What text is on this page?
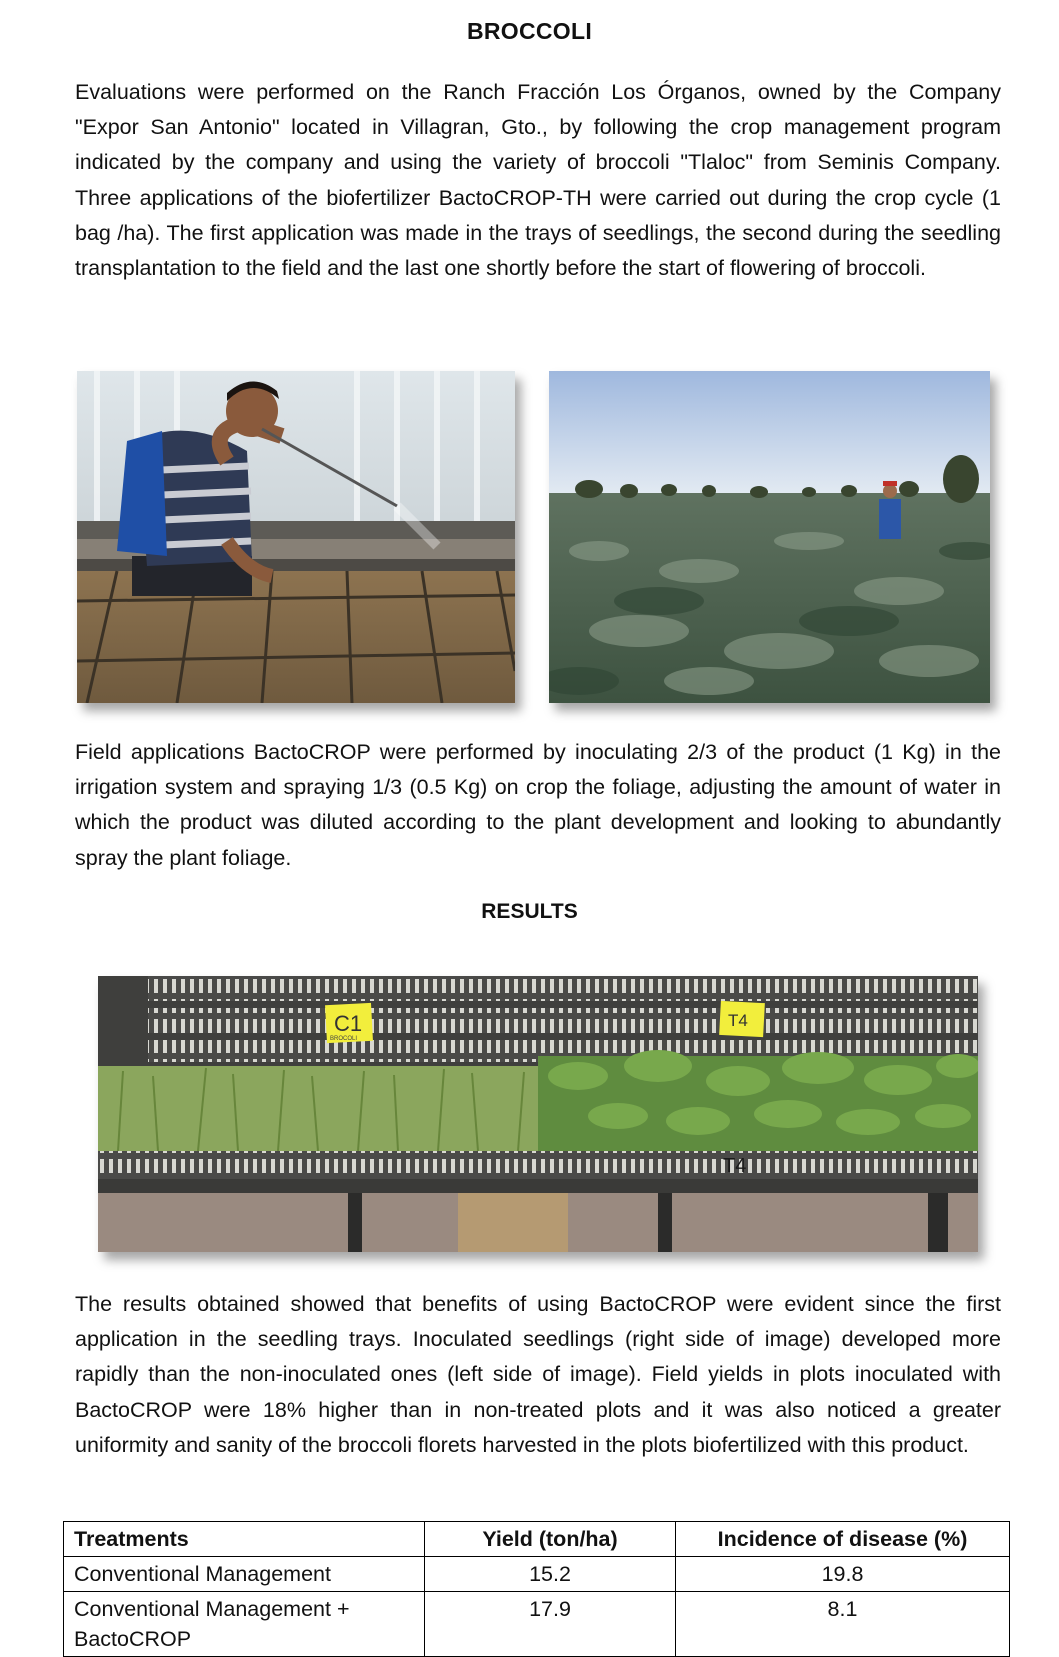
BROCCOLI

Evaluations were performed on the Ranch Fracción Los Órganos, owned by the Company "Expor San Antonio" located in Villagran, Gto., by following the crop management program indicated by the company and using the variety of broccoli "Tlaloc" from Seminis Company. Three applications of the biofertilizer BactoCROP-TH were carried out during the crop cycle (1 bag /ha). The first application was made in the trays of seedlings, the second during the seedling transplantation to the field and the last one shortly before the start of flowering of broccoli.

Field applications BactoCROP were performed by inoculating 2/3 of the product (1 Kg) in the irrigation system and spraying 1/3 (0.5 Kg) on crop the foliage, adjusting the amount of water in which the product was diluted according to the plant development and looking to abundantly spray the plant foliage.

RESULTS
C1
BROCOLI
T4
T4

The results obtained showed that benefits of using BactoCROP were evident since the first application in the seedling trays. Inoculated seedlings (right side of image) developed more rapidly than the non-inoculated ones (left side of image). Field yields in plots inoculated with BactoCROP were 18% higher than in non-treated plots and it was also noticed a greater uniformity and sanity of the broccoli florets harvested in the plots biofertilized with this product.

Treatments	Yield (ton/ha)	Incidence of disease (%)
Conventional Management	15.2	19.8
Conventional Management + BactoCROP	17.9	8.1
